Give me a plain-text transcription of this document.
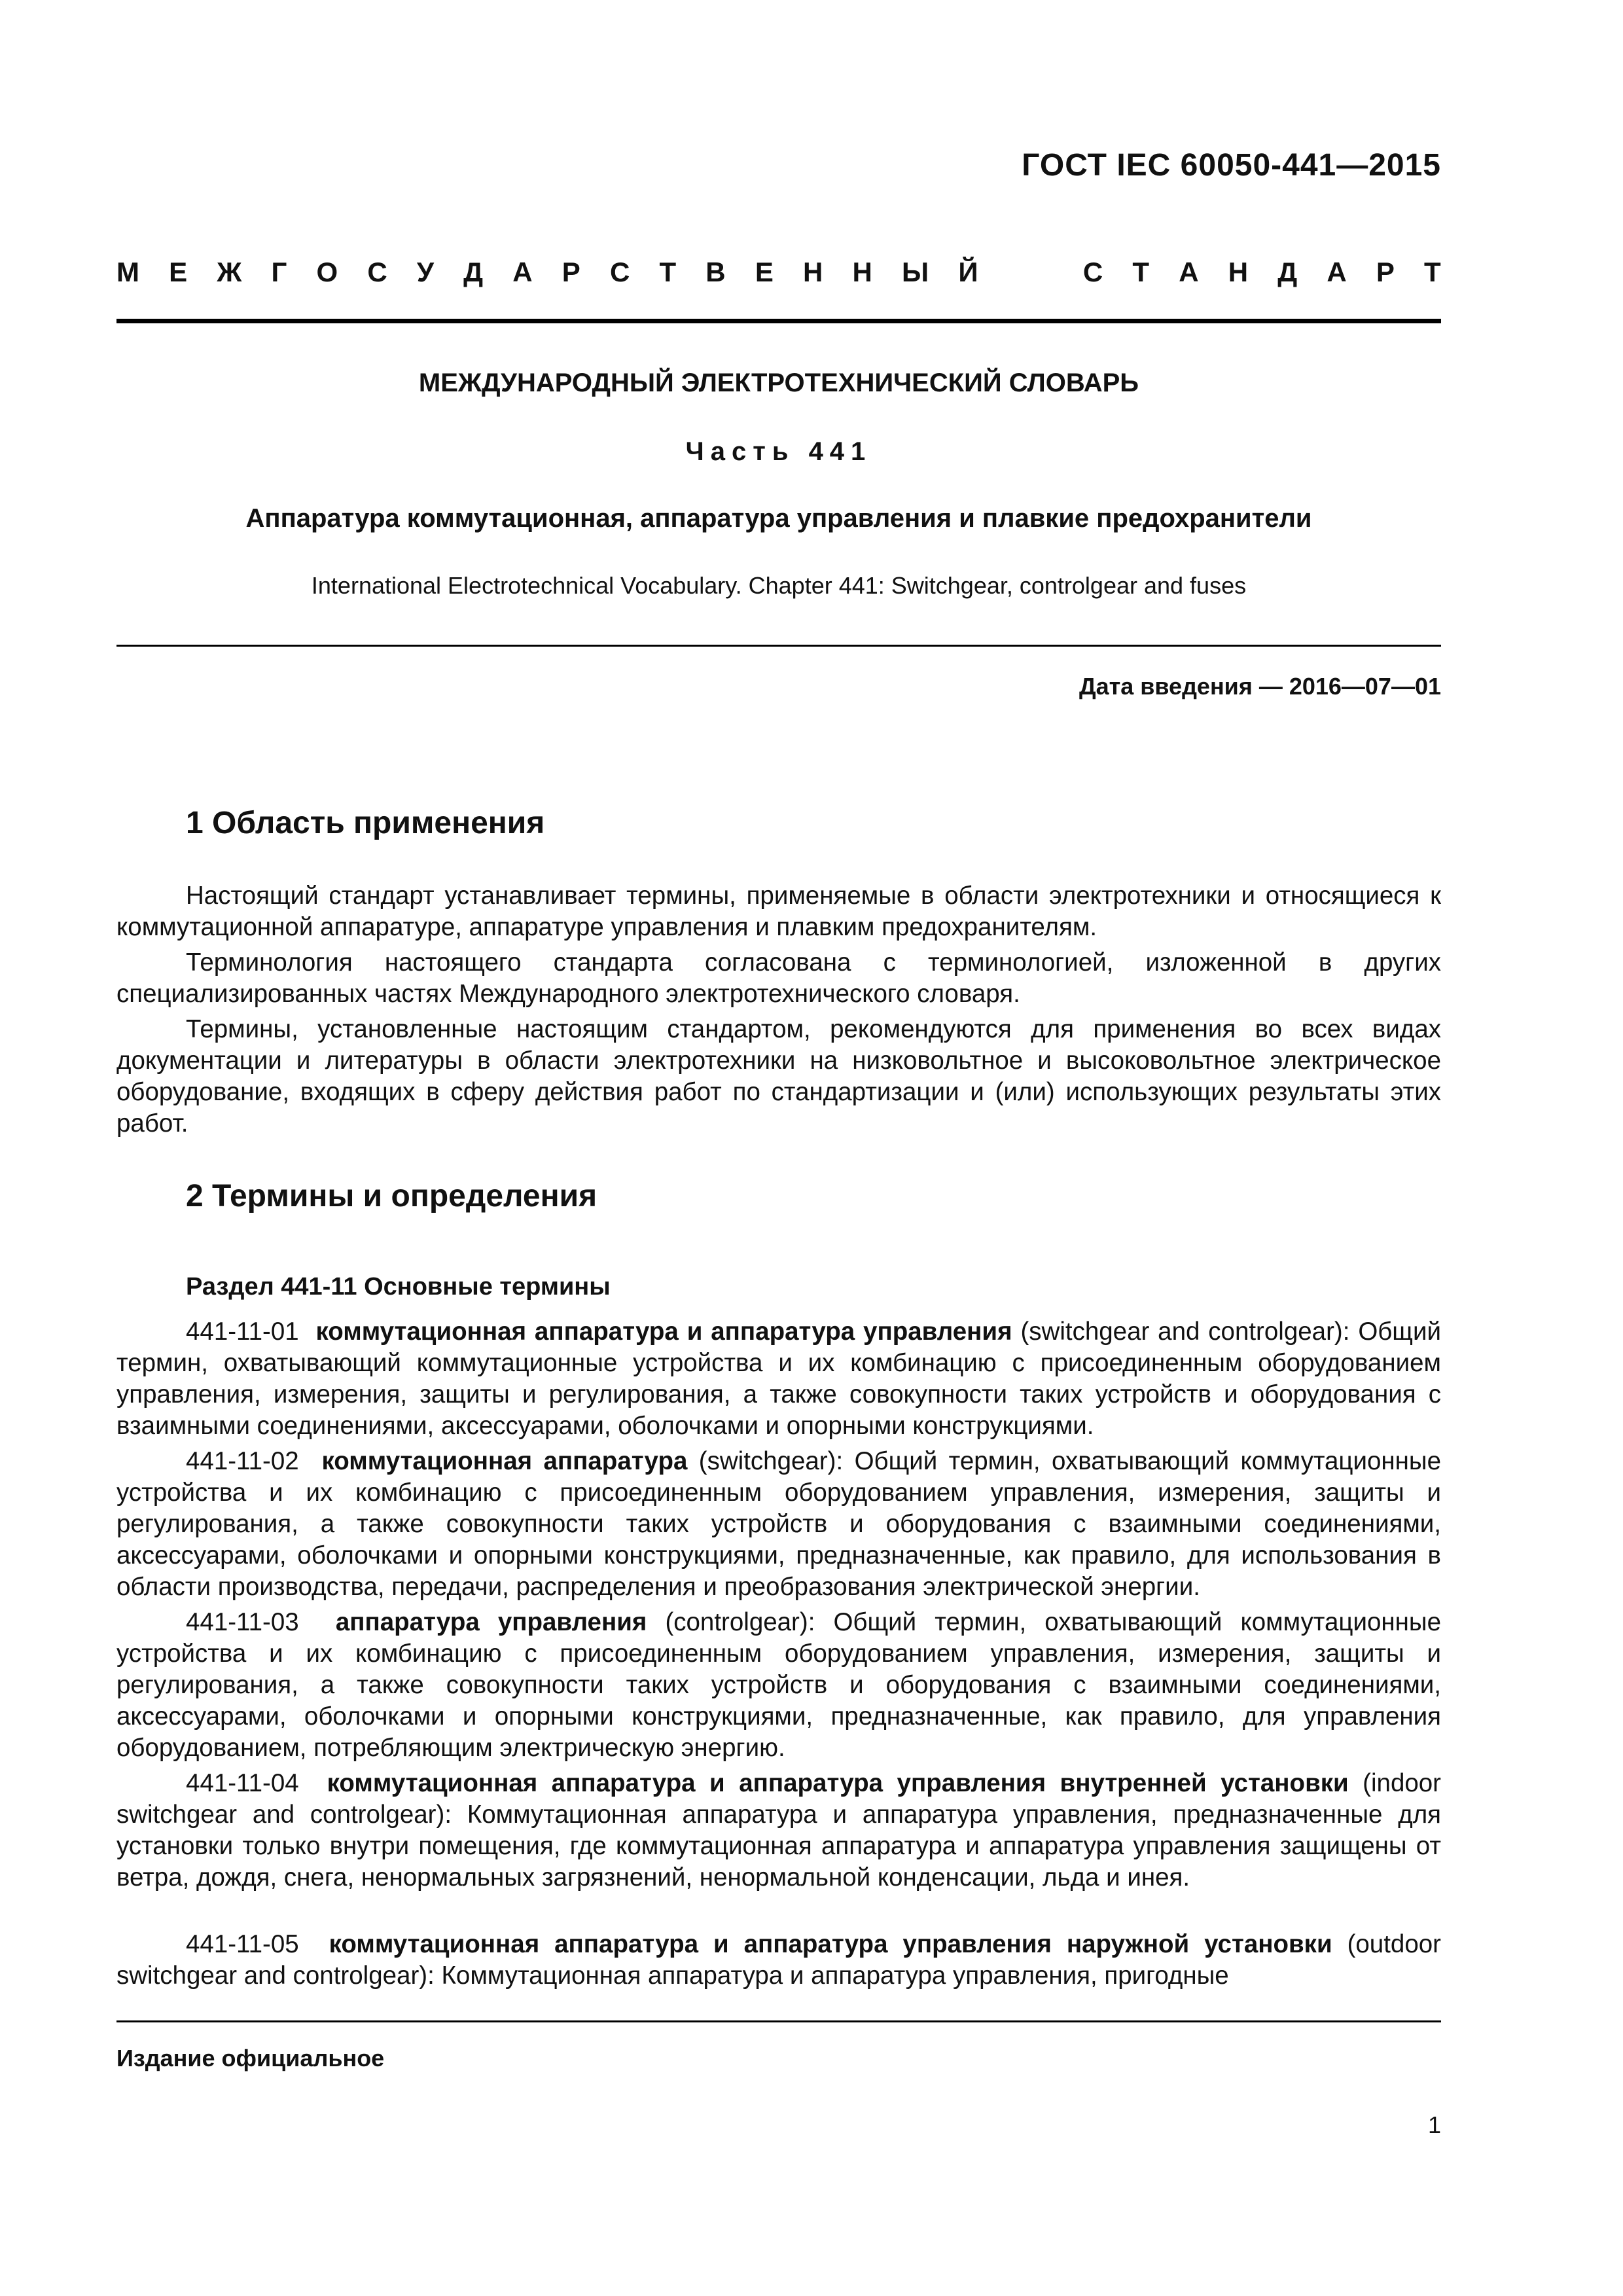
ГОСТ IEC 60050-441—2015
М Е Ж Г О С У Д А Р С Т В Е Н Н Ы Й	С Т А Н Д А Р Т
МЕЖДУНАРОДНЫЙ ЭЛЕКТРОТЕХНИЧЕСКИЙ СЛОВАРЬ
Часть 441
Аппаратура коммутационная, аппаратура управления и плавкие предохранители
International Electrotechnical Vocabulary. Chapter 441: Switchgear, controlgear and fuses
Дата введения — 2016—07—01
1 Область применения

Настоящий стандарт устанавливает термины, применяемые в области электротехники и относящиеся к коммутационной аппаратуре, аппаратуре управления и плавким предохранителям.

Терминология настоящего стандарта согласована с терминологией, изложенной в других специализированных частях Международного электротехнического словаря.

Термины, установленные настоящим стандартом, рекомендуются для применения во всех видах документации и литературы в области электротехники на низковольтное и высоковольтное электрическое оборудование, входящих в сферу действия работ по стандартизации и (или) использующих результаты этих работ.

2 Термины и определения
Раздел 441-11 Основные термины

441-11-01 коммутационная аппаратура и аппаратура управления (switchgear and controlgear): Общий термин, охватывающий коммутационные устройства и их комбинацию с присоединенным оборудованием управления, измерения, защиты и регулирования, а также совокупности таких устройств и оборудования с взаимными соединениями, аксессуарами, оболочками и опорными конструкциями.

441-11-02 коммутационная аппаратура (switchgear): Общий термин, охватывающий коммутационные устройства и их комбинацию с присоединенным оборудованием управления, измерения, защиты и регулирования, а также совокупности таких устройств и оборудования с взаимными соединениями, аксессуарами, оболочками и опорными конструкциями, предназначенные, как правило, для использования в области производства, передачи, распределения и преобразования электрической энергии.

441-11-03 аппаратура управления (controlgear): Общий термин, охватывающий коммутационные устройства и их комбинацию с присоединенным оборудованием управления, измерения, защиты и регулирования, а также совокупности таких устройств и оборудования с взаимными соединениями, аксессуарами, оболочками и опорными конструкциями, предназначенные, как правило, для управления оборудованием, потребляющим электрическую энергию.

441-11-04 коммутационная аппаратура и аппаратура управления внутренней установки (indoor switchgear and controlgear): Коммутационная аппаратура и аппаратура управления, предназначенные для установки только внутри помещения, где коммутационная аппаратура и аппаратура управления защищены от ветра, дождя, снега, ненормальных загрязнений, ненормальной конденсации, льда и инея.

441-11-05 коммутационная аппаратура и аппаратура управления наружной установки (outdoor switchgear and controlgear): Коммутационная аппаратура и аппаратура управления, пригодные

Издание официальное
1
